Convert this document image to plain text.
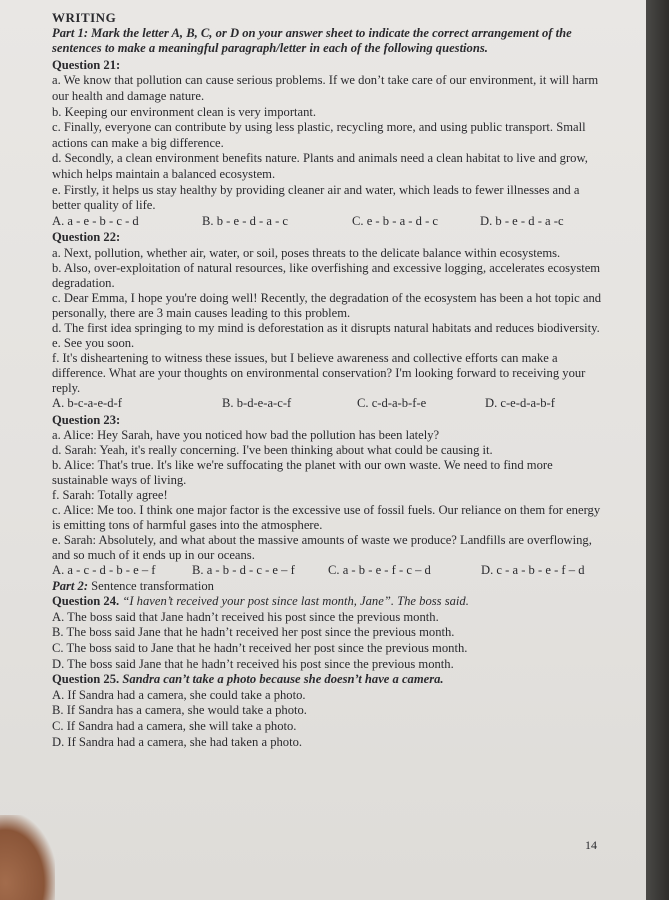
WRITING

Part 1: Mark the letter A, B, C, or D on your answer sheet to indicate the correct arrangement of the sentences to make a meaningful paragraph/letter in each of the following questions.

Question 21:

a. We know that pollution can cause serious problems. If we don’t take care of our environment, it will harm our health and damage nature.

b. Keeping our environment clean is very important.

c. Finally, everyone can contribute by using less plastic, recycling more, and using public transport. Small actions can make a big difference.

d. Secondly, a clean environment benefits nature. Plants and animals need a clean habitat to live and grow, which helps maintain a balanced ecosystem.

e. Firstly, it helps us stay healthy by providing cleaner air and water, which leads to fewer illnesses and a better quality of life.

A. a - e - b - c - d	B. b - e - d - a - c	C. e - b - a - d - c	D. b - e - d - a -c

Question 22:

a. Next, pollution, whether air, water, or soil, poses threats to the delicate balance within ecosystems.

b. Also, over-exploitation of natural resources, like overfishing and excessive logging, accelerates ecosystem degradation.

c. Dear Emma, I hope you're doing well! Recently, the degradation of the ecosystem has been a hot topic and personally, there are 3 main causes leading to this problem.

d. The first idea springing to my mind is deforestation as it disrupts natural habitats and reduces biodiversity.

e. See you soon.

f. It's disheartening to witness these issues, but I believe awareness and collective efforts can make a difference. What are your thoughts on environmental conservation? I'm looking forward to receiving your reply.

A. b-c-a-e-d-f	B. b-d-e-a-c-f	C. c-d-a-b-f-e	D. c-e-d-a-b-f

Question 23:

a. Alice: Hey Sarah, have you noticed how bad the pollution has been lately?

d. Sarah: Yeah, it's really concerning. I've been thinking about what could be causing it.

b. Alice: That's true. It's like we're suffocating the planet with our own waste. We need to find more sustainable ways of living.

f. Sarah: Totally agree!

c. Alice: Me too. I think one major factor is the excessive use of fossil fuels. Our reliance on them for energy is emitting tons of harmful gases into the atmosphere.

e. Sarah: Absolutely, and what about the massive amounts of waste we produce? Landfills are overflowing, and so much of it ends up in our oceans.

A. a - c - d - b - e – f	B. a - b - d - c - e – f	C. a - b - e - f - c – d	D. c - a - b - e - f – d

Part 2: Sentence transformation

Question 24. “I haven’t received your post since last month, Jane”. The boss said.

A. The boss said that Jane hadn’t received his post since the previous month.

B. The boss said Jane that he hadn’t received her post since the previous month.

C. The boss said to Jane that he hadn’t received her post since the previous month.

D. The boss said Jane that he hadn’t received his post since the previous month.

Question 25. Sandra can’t take a photo because she doesn’t have a camera.

A. If Sandra had a camera, she could take a photo.

B. If Sandra has a camera, she would take a photo.

C. If Sandra had a camera, she will take a photo.

D. If Sandra had a camera, she had taken a photo.

14
